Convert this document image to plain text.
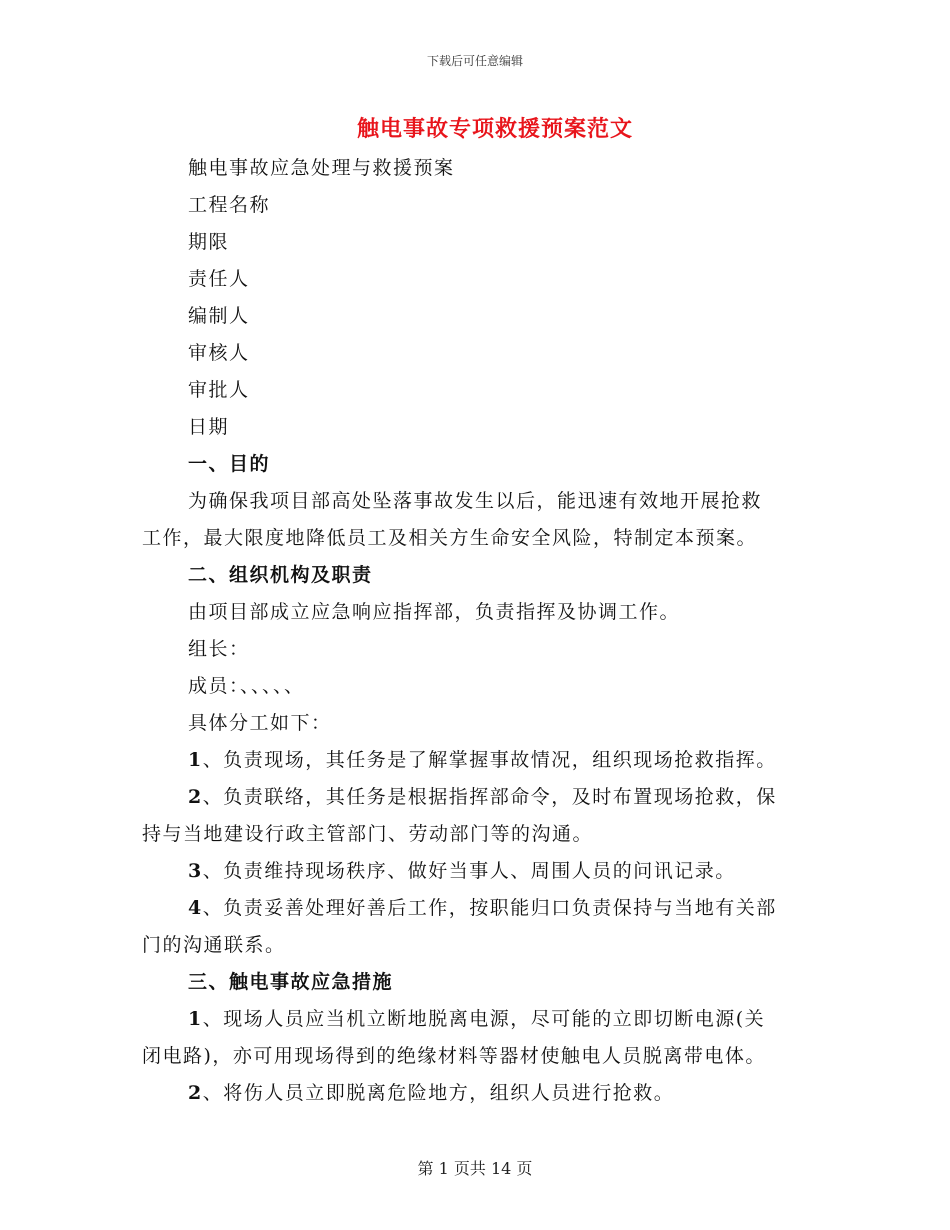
下载后可任意编辑
触电事故专项救援预案范文
触电事故应急处理与救援预案
工程名称
期限
责任人
编制人
审核人
审批人
日期
一、目的
为确保我项目部高处坠落事故发生以后，能迅速有效地开展抢救
工作，最大限度地降低员工及相关方生命安全风险，特制定本预案。
二、组织机构及职责
由项目部成立应急响应指挥部，负责指挥及协调工作。
组长：
成员：、、、、、
具体分工如下：
1、负责现场，其任务是了解掌握事故情况，组织现场抢救指挥。
2、负责联络，其任务是根据指挥部命令，及时布置现场抢救，保
持与当地建设行政主管部门、劳动部门等的沟通。
3、负责维持现场秩序、做好当事人、周围人员的问讯记录。
4、负责妥善处理好善后工作，按职能归口负责保持与当地有关部
门的沟通联系。
三、触电事故应急措施
1、现场人员应当机立断地脱离电源，尽可能的立即切断电源(关
闭电路)，亦可用现场得到的绝缘材料等器材使触电人员脱离带电体。
2、将伤人员立即脱离危险地方，组织人员进行抢救。
第 1 页共 14 页
